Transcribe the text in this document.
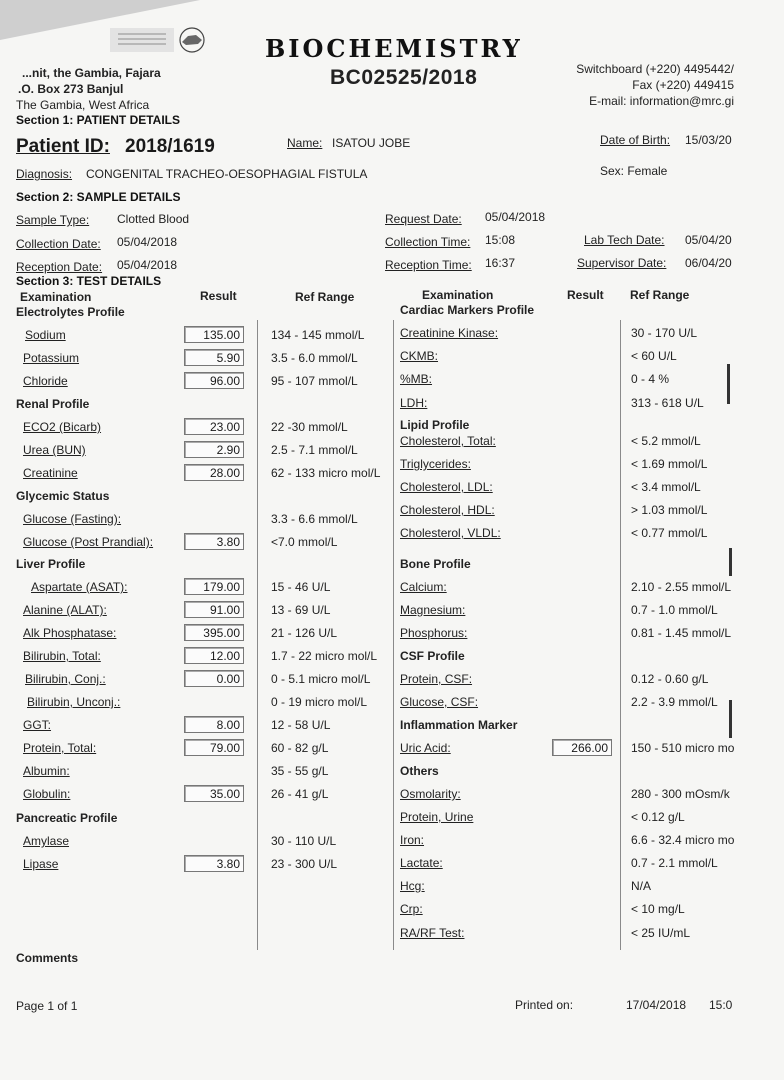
BIOCHEMISTRY
BC02525/2018
...nit, the Gambia, Fajara
.O. Box 273 Banjul
The Gambia, West Africa
Switchboard (+220) 4495442/
Fax (+220) 449415
E-mail: information@mrc.gi
Section 1: PATIENT DETAILS
Patient ID: 2018/1619	Name: ISATOU JOBE	Date of Birth: 15/03/20
Diagnosis: CONGENITAL TRACHEO-OESOPHAGIAL FISTULA	Sex: Female
Section 2: SAMPLE DETAILS
Sample Type: Clotted Blood
Collection Date: 05/04/2018
Reception Date: 05/04/2018
Request Date: 05/04/2018
Collection Time: 15:08
Reception Time: 16:37
Lab Tech Date: 05/04/20
Supervisor Date: 06/04/20
Section 3: TEST DETAILS
Examination	Result	Ref Range	Examination	Result Ref Range
Electrolytes Profile
Sodium	135.00	134 - 145 mmol/L
Potassium	5.90	3.5 - 6.0 mmol/L
Chloride	96.00	95 - 107 mmol/L
Renal Profile
ECO2 (Bicarb)	23.00	22 -30 mmol/L
Urea (BUN)	2.90	2.5 - 7.1 mmol/L
Creatinine	28.00	62 - 133 micro mol/L
Glycemic Status
Glucose (Fasting):	3.3 - 6.6 mmol/L
Glucose (Post Prandial):	3.80	<7.0 mmol/L
Liver Profile
Aspartate (ASAT):	179.00	15 - 46 U/L
Alanine (ALAT):	91.00	13 - 69 U/L
Alk Phosphatase:	395.00	21 - 126 U/L
Bilirubin, Total:	12.00	1.7 - 22 micro mol/L
Bilirubin, Conj.:	0.00	0 - 5.1 micro mol/L
Bilirubin, Unconj.:	0 - 19 micro mol/L
GGT:	8.00	12 - 58 U/L
Protein, Total:	79.00	60 - 82 g/L
Albumin:	35 - 55 g/L
Globulin:	35.00	26 - 41 g/L
Pancreatic Profile
Amylase	30 - 110 U/L
Lipase	3.80	23 - 300 U/L
Cardiac Markers Profile
Creatinine Kinase:	30 - 170 U/L
CKMB:	< 60 U/L
%MB:	0 - 4 %
LDH:	313 - 618 U/L
Lipid Profile
Cholesterol, Total:	< 5.2 mmol/L
Triglycerides:	< 1.69 mmol/L
Cholesterol, LDL:	< 3.4 mmol/L
Cholesterol, HDL:	> 1.03 mmol/L
Cholesterol, VLDL:	< 0.77 mmol/L
Bone Profile
Calcium:	2.10 - 2.55 mmol/L
Magnesium:	0.7 - 1.0 mmol/L
Phosphorus:	0.81 - 1.45 mmol/L
CSF Profile
Protein, CSF:	0.12 - 0.60 g/L
Glucose, CSF:	2.2 - 3.9 mmol/L
Inflammation Marker
Uric Acid:	266.00	150 - 510 micro mo
Others
Osmolarity:	280 - 300 mOsm/k
Protein, Urine	< 0.12 g/L
Iron:	6.6 - 32.4 micro mo
Lactate:	0.7 - 2.1 mmol/L
Hcg:	N/A
Crp:	< 10 mg/L
RA/RF Test:	< 25 IU/mL
Comments
Page 1 of 1	Printed on:	17/04/2018 15:0
